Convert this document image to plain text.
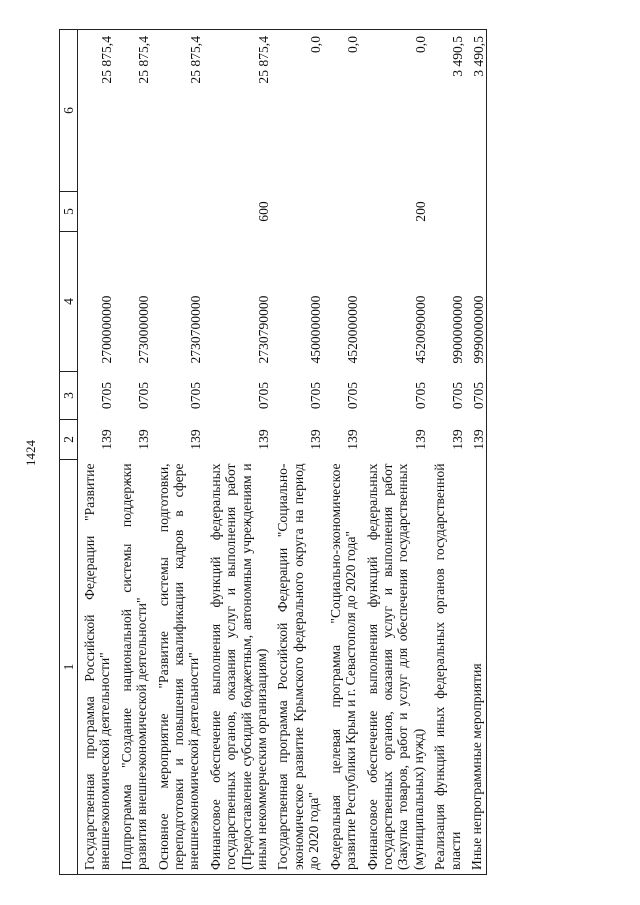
1424
1	2	3	4	5	6
Государственная программа Российской Федерации "Развитие внешнеэкономической деятельности"	139	0705	2700000000		25 875,4
Подпрограмма "Создание национальной системы поддержки развития внешнеэкономической деятельности"	139	0705	2730000000		25 875,4
Основное мероприятие "Развитие системы подготовки, переподготовки и повышения квалификации кадров в сфере внешнеэкономической деятельности"	139	0705	2730700000		25 875,4
Финансовое обеспечение выполнения функций федеральных государственных органов, оказания услуг и выполнения работ (Предоставление субсидий бюджетным, автономным учреждениям и иным некоммерческим организациям)	139	0705	2730790000	600	25 875,4
Государственная программа Российской Федерации "Социально-экономическое развитие Крымского федерального округа на период до 2020 года"	139	0705	4500000000		0,0
Федеральная целевая программа "Социально-экономическое развитие Республики Крым и г. Севастополя до 2020 года"	139	0705	4520000000		0,0
Финансовое обеспечение выполнения функций федеральных государственных органов, оказания услуг и выполнения работ (Закупка товаров, работ и услуг для обеспечения государственных (муниципальных) нужд)	139	0705	4520090000	200	0,0
Реализация функций иных федеральных органов государственной власти	139	0705	9900000000		3 490,5
Иные непрограммные мероприятия	139	0705	9990000000		3 490,5
